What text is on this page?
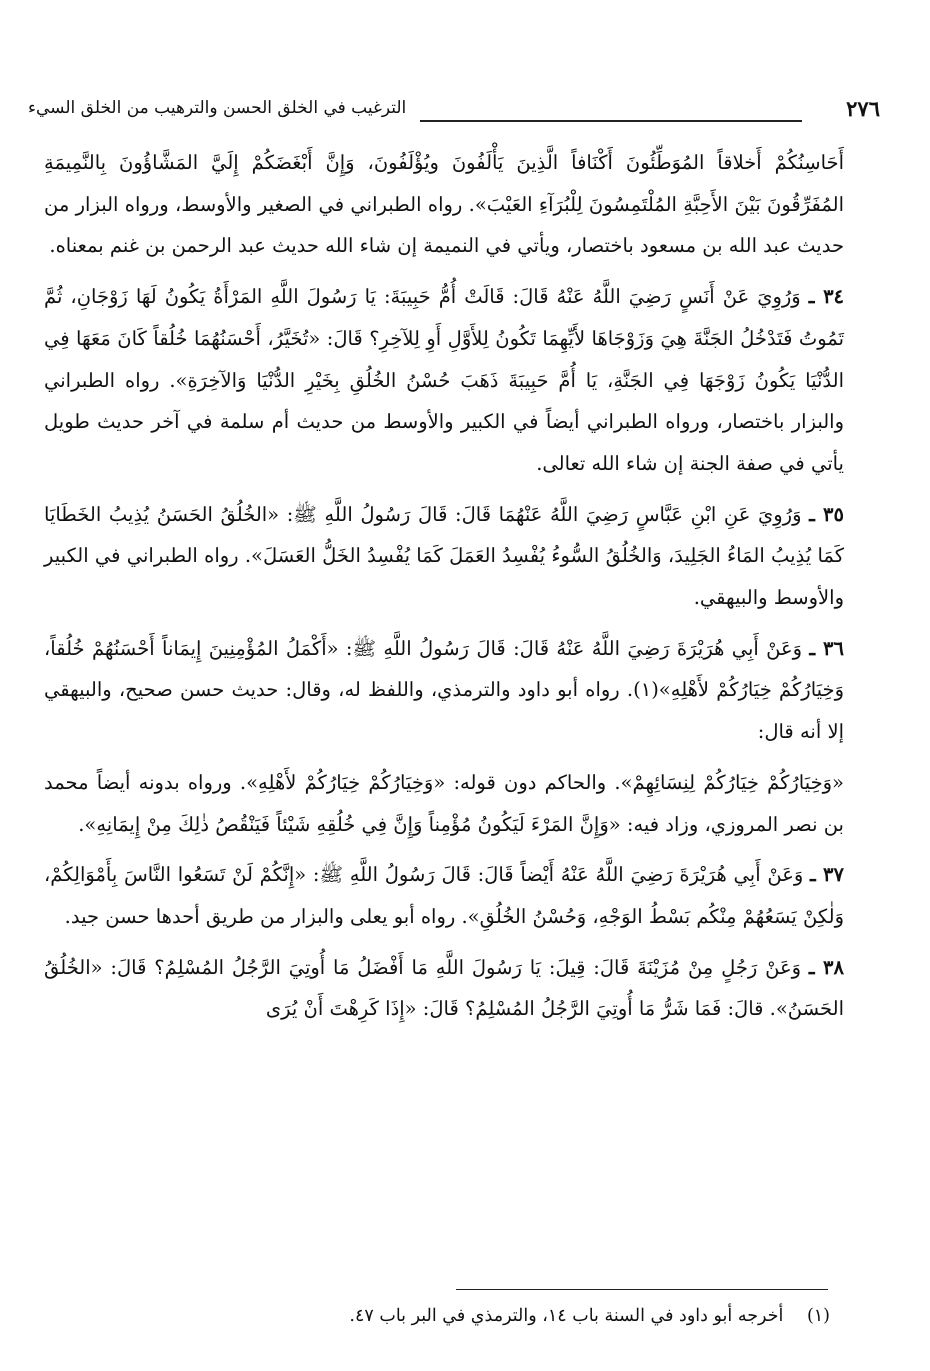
٢٧٦
الترغيب في الخلق الحسن والترهيب من الخلق السيء

أَحَاسِنُكُمْ أَخلاقاً المُوَطِّئُونَ أَكْنَافاً الَّذِينَ يَأْلَفُونَ ويُؤْلَفُونَ، وَإِنَّ أَبْغَضَكُمْ إِلَيَّ المَشَّاؤُونَ بِالنَّمِيمَةِ المُفَرِّقُونَ بَيْنَ الأَحِبَّةِ المُلْتَمِسُونَ لِلْبُرَآءِ العَيْبَ». رواه الطبراني في الصغير والأوسط، ورواه البزار من حديث عبد الله بن مسعود باختصار، ويأتي في النميمة إن شاء الله حديث عبد الرحمن بن غنم بمعناه.

٣٤ ـ وَرُوِيَ عَنْ أَنَسٍ رَضِيَ اللَّهُ عَنْهُ قَالَ: قَالَتْ أُمُّ حَبِيبَةَ: يَا رَسُولَ اللَّهِ المَرْأَةُ يَكُونُ لَهَا زَوْجَانِ، ثُمَّ تَمُوتُ فَتَدْخُلُ الجَنَّةَ هِيَ وَزَوْجَاهَا لأَيِّهِمَا تَكُونُ لِلأَوَّلِ أَوِ لِلآخِرِ؟ قَالَ: «تُخَيَّرُ، أَحْسَنُهُمَا خُلُقاً كَانَ مَعَهَا فِي الدُّنْيَا يَكُونُ زَوْجَهَا فِي الجَنَّةِ، يَا أُمَّ حَبِيبَةَ ذَهَبَ حُسْنُ الخُلُقِ بِخَيْرِ الدُّنْيَا وَالآخِرَةِ». رواه الطبراني والبزار باختصار، ورواه الطبراني أيضاً في الكبير والأوسط من حديث أم سلمة في آخر حديث طويل يأتي في صفة الجنة إن شاء الله تعالى.

٣٥ ـ وَرُوِيَ عَنِ ابْنِ عَبَّاسٍ رَضِيَ اللَّهُ عَنْهُمَا قَالَ: قَالَ رَسُولُ اللَّهِ ﷺ: «الخُلُقُ الحَسَنُ يُذِيبُ الخَطَايَا كَمَا يُذِيبُ المَاءُ الجَلِيدَ، وَالخُلُقُ السُّوءُ يُفْسِدُ العَمَلَ كَمَا يُفْسِدُ الخَلُّ العَسَلَ». رواه الطبراني في الكبير والأوسط والبيهقي.

٣٦ ـ وَعَنْ أَبِي هُرَيْرَةَ رَضِيَ اللَّهُ عَنْهُ قَالَ: قَالَ رَسُولُ اللَّهِ ﷺ: «أَكْمَلُ المُؤْمِنِينَ إِيمَاناً أَحْسَنُهُمْ خُلُقاً، وَخِيَارُكُمْ خِيَارُكُمْ لأَهْلِهِ»(١). رواه أبو داود والترمذي، واللفظ له، وقال: حديث حسن صحيح، والبيهقي إلا أنه قال:

«وَخِيَارُكُمْ خِيَارُكُمْ لِنِسَائِهِمْ». والحاكم دون قوله: «وَخِيَارُكُمْ خِيَارُكُمْ لأَهْلِهِ». ورواه بدونه أيضاً محمد بن نصر المروزي، وزاد فيه: «وَإِنَّ المَرْءَ لَيَكُونُ مُؤْمِناً وَإِنَّ فِي خُلُقِهِ شَيْئاً فَيَنْقُصُ ذٰلِكَ مِنْ إِيمَانِهِ».

٣٧ ـ وَعَنْ أَبِي هُرَيْرَةَ رَضِيَ اللَّهُ عَنْهُ أَيْضاً قَالَ: قَالَ رَسُولُ اللَّهِ ﷺ: «إِنَّكُمْ لَنْ تَسَعُوا النَّاسَ بِأَمْوَالِكُمْ، وَلٰكِنْ يَسَعُهُمْ مِنْكُم بَسْطُ الوَجْهِ، وَحُسْنُ الخُلُقِ». رواه أبو يعلى والبزار من طريق أحدها حسن جيد.

٣٨ ـ وَعَنْ رَجُلٍ مِنْ مُزَيْنَةَ قَالَ: قِيلَ: يَا رَسُولَ اللَّهِ مَا أَفْضَلُ مَا أُوتِيَ الرَّجُلُ المُسْلِمُ؟ قَالَ: «الخُلُقُ الحَسَنُ». قالَ: فَمَا شَرُّ مَا أُوتِيَ الرَّجُلُ المُسْلِمُ؟ قَالَ: «إِذَا كَرِهْتَ أَنْ يُرَى

(١) أخرجه أبو داود في السنة باب ١٤، والترمذي في البر باب ٤٧.
